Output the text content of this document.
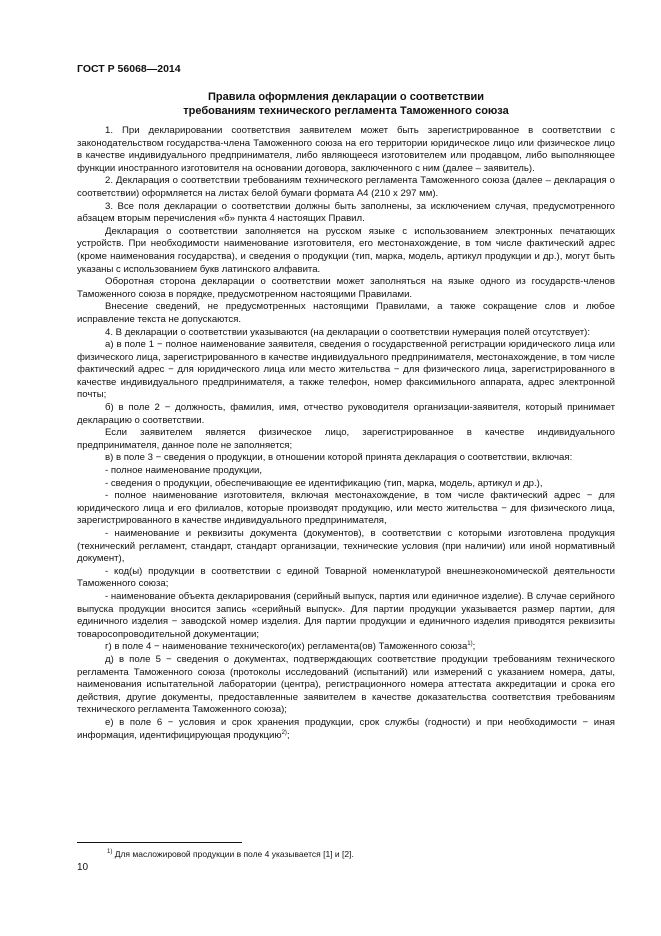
ГОСТ Р 56068—2014
Правила оформления декларации о соответствии
требованиям технического регламента Таможенного союза

1. При декларировании соответствия заявителем может быть зарегистрированное в соответствии с законодательством государства-члена Таможенного союза на его территории юридическое лицо или физическое лицо в качестве индивидуального предпринимателя, либо являющееся изготовителем или продавцом, либо выполняющее функции иностранного изготовителя на основании договора, заключенного с ним (далее – заявитель).

2. Декларация о соответствии требованиям технического регламента Таможенного союза (далее – декларация о соответствии) оформляется на листах белой бумаги формата А4 (210 х 297 мм).

3. Все поля декларации о соответствии должны быть заполнены, за исключением случая, предусмотренного абзацем вторым перечисления «б» пункта 4 настоящих Правил.

Декларация о соответствии заполняется на русском языке с использованием электронных печатающих устройств. При необходимости наименование изготовителя, его местонахождение, в том числе фактический адрес (кроме наименования государства), и сведения о продукции (тип, марка, модель, артикул продукции и др.), могут быть указаны с использованием букв латинского алфавита.

Оборотная сторона декларации о соответствии может заполняться на языке одного из государств-членов Таможенного союза в порядке, предусмотренном настоящими Правилами.

Внесение сведений, не предусмотренных настоящими Правилами, а также сокращение слов и любое исправление текста не допускаются.

4. В декларации о соответствии указываются (на декларации о соответствии нумерация полей отсутствует):

а) в поле 1 − полное наименование заявителя, сведения о государственной регистрации юридического лица или физического лица, зарегистрированного в качестве индивидуального предпринимателя, местонахождение, в том числе фактический адрес − для юридического лица или место жительства − для физического лица, зарегистрированного в качестве индивидуального предпринимателя, а также телефон, номер факсимильного аппарата, адрес электронной почты;

б) в поле 2 − должность, фамилия, имя, отчество руководителя организации-заявителя, который принимает декларацию о соответствии.

Если заявителем является физическое лицо, зарегистрированное в качестве индивидуального предпринимателя, данное поле не заполняется;

в) в поле 3 − сведения о продукции, в отношении которой принята декларация о соответствии, включая:

- полное наименование продукции,

- сведения о продукции, обеспечивающие ее идентификацию (тип, марка, модель, артикул и др.),

- полное наименование изготовителя, включая местонахождение, в том числе фактический адрес − для юридического лица и его филиалов, которые производят продукцию, или место жительства − для физического лица, зарегистрированного в качестве индивидуального предпринимателя,

- наименование и реквизиты документа (документов), в соответствии с которыми изготовлена продукция (технический регламент, стандарт, стандарт организации, технические условия (при наличии) или иной нормативный документ),

- код(ы) продукции в соответствии с единой Товарной номенклатурой внешнеэкономической деятельности Таможенного союза;

- наименование объекта декларирования (серийный выпуск, партия или единичное изделие). В случае серийного выпуска продукции вносится запись «серийный выпуск». Для партии продукции указывается размер партии, для единичного изделия − заводской номер изделия. Для партии продукции и единичного изделия приводятся реквизиты товаросопроводительной документации;

г) в поле 4 − наименование технического(их) регламента(ов) Таможенного союза$^{1)}$;

д) в поле 5 − сведения о документах, подтверждающих соответствие продукции требованиям технического регламента Таможенного союза (протоколы исследований (испытаний) или измерений с указанием номера, даты, наименования испытательной лаборатории (центра), регистрационного номера аттестата аккредитации и срока его действия, другие документы, предоставленные заявителем в качестве доказательства соответствия требованиям технического регламента Таможенного союза);

е) в поле 6 − условия и срок хранения продукции, срок службы (годности) и при необходимости − иная информация, идентифицирующая продукцию$^{2)}$;

$^{1)}$ Для масложировой продукции в поле 4 указывается [1] и [2].
10
